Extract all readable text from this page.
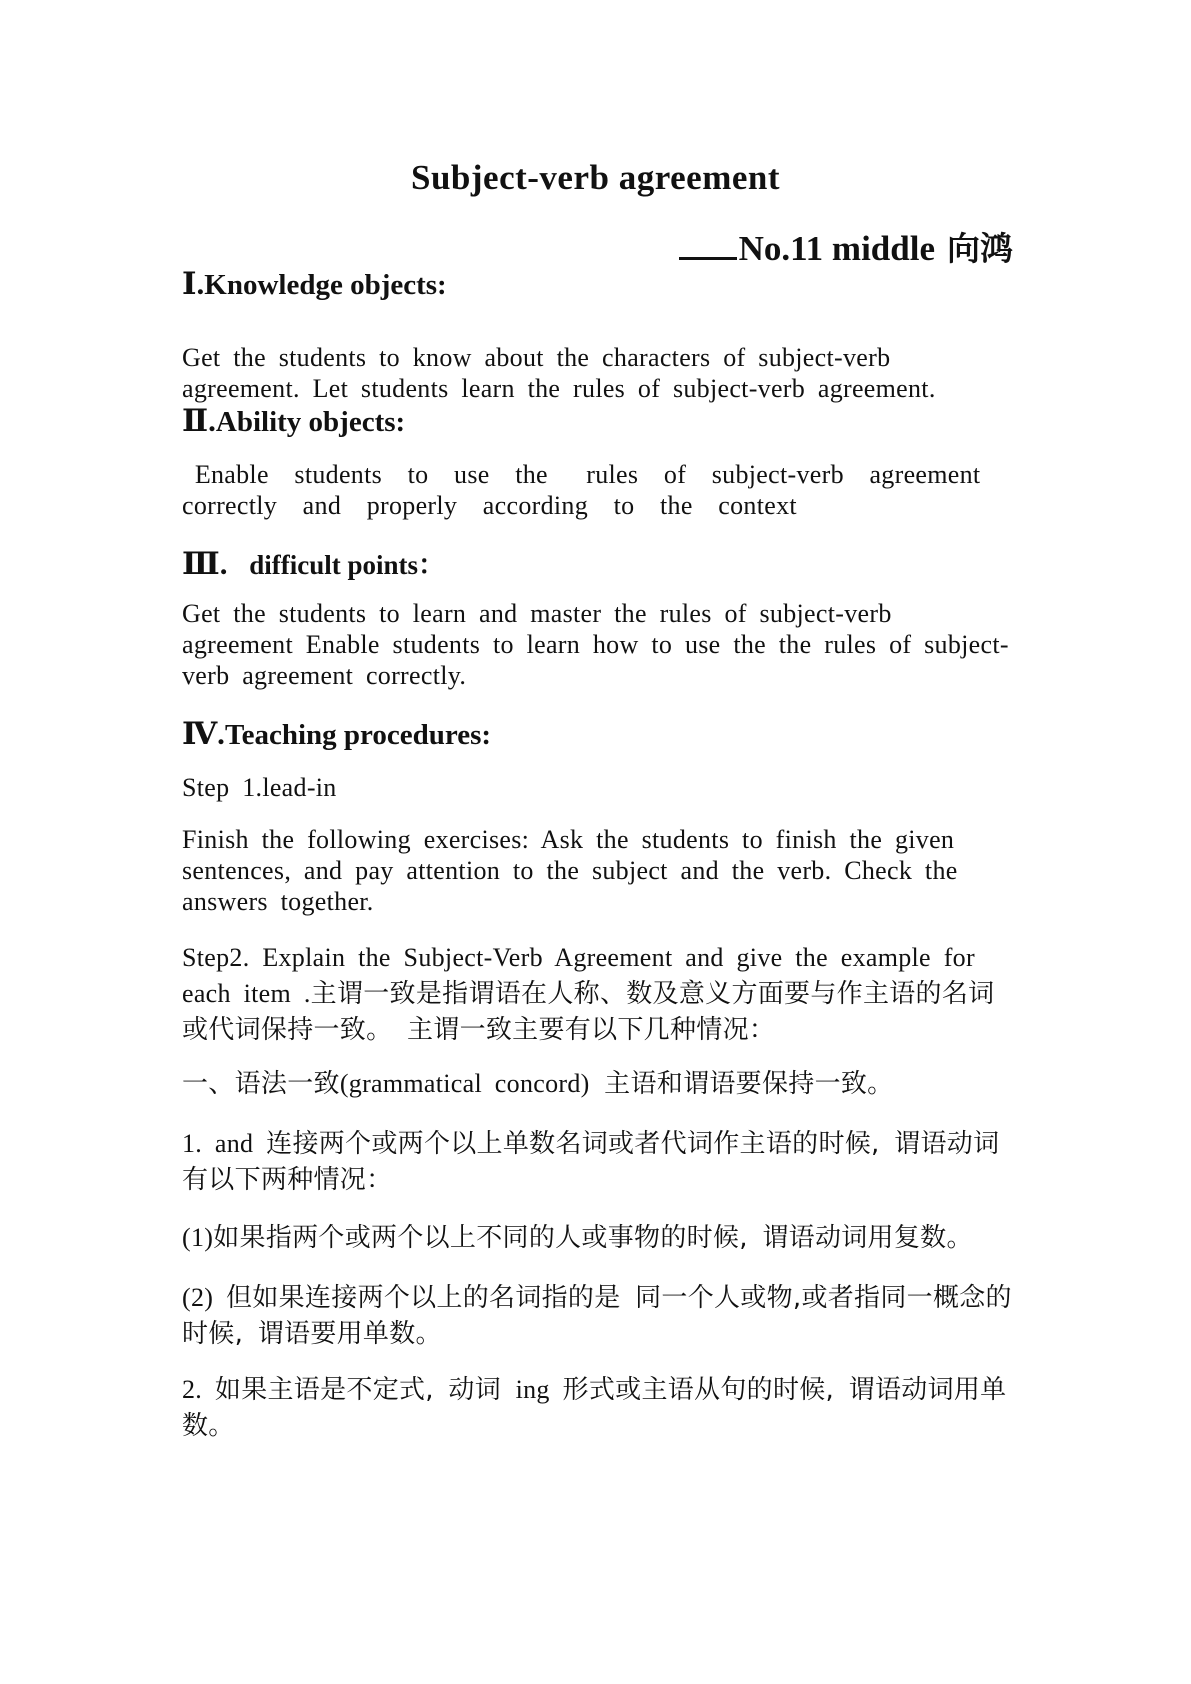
Subject-verb agreement
No.11 middle 向鸿
Ⅰ.Knowledge objects:
Get the students to know about the characters of subject-verb agreement. Let students learn the rules of subject-verb agreement.
Ⅱ.Ability objects:
Enable  students  to  use  the   rules  of  subject-verb  agreement  correctly  and  properly  according  to  the  context
Ⅲ. difficult points：
Get the students to learn and master the rules of subject-verb agreement Enable students to learn how to use the the rules of subject-verb agreement correctly.
Ⅳ.Teaching procedures:
Step 1.lead-in
Finish the following exercises: Ask the students to finish the given sentences, and pay attention to the subject and the verb. Check the answers together.
Step2. Explain the Subject-Verb Agreement and give the example for each item .主谓一致是指谓语在人称、数及意义方面要与作主语的名词或代词保持一致。 主谓一致主要有以下几种情况：
一、语法一致(grammatical concord) 主语和谓语要保持一致。
1. and 连接两个或两个以上单数名词或者代词作主语的时候, 谓语动词有以下两种情况：
(1)如果指两个或两个以上不同的人或事物的时候, 谓语动词用复数。
(2) 但如果连接两个以上的名词指的是 同一个人或物,或者指同一概念的时候, 谓语要用单数。
2. 如果主语是不定式, 动词 ing 形式或主语从句的时候, 谓语动词用单数。
